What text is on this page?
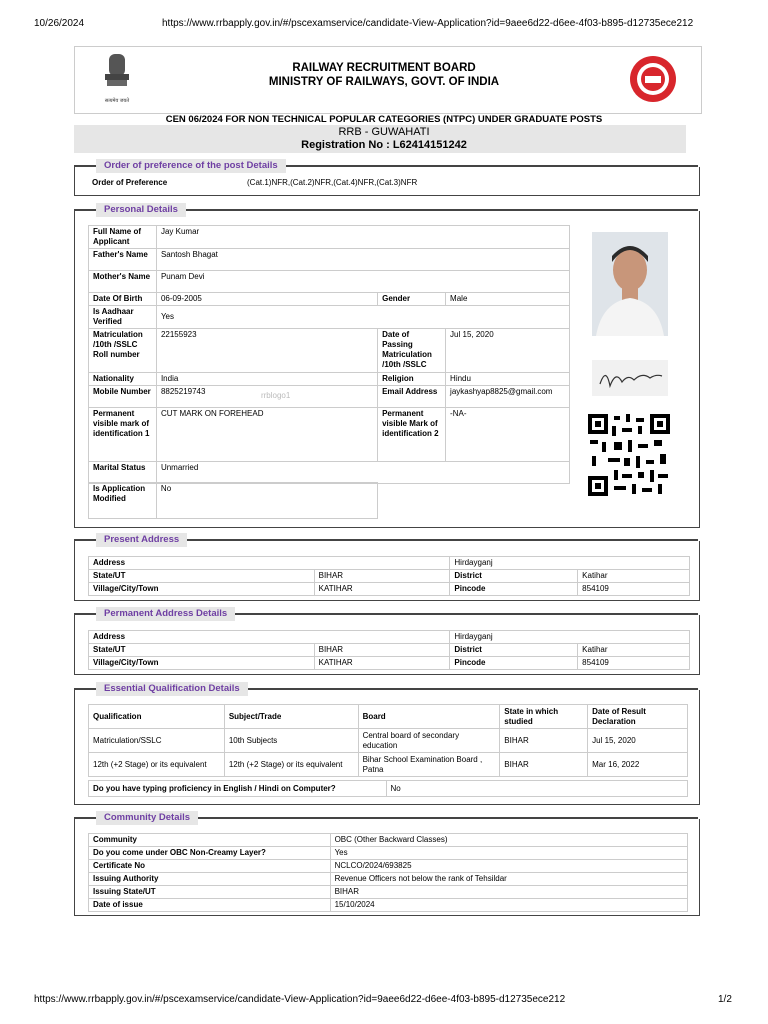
10/26/2024	https://www.rrbapply.gov.in/#/pscexamservice/candidate-View-Application?id=9aee6d22-d6ee-4f03-b895-d12735ece212
सत्यमेव जयते
RAILWAY RECRUITMENT BOARD
MINISTRY OF RAILWAYS, GOVT. OF INDIA
CEN 06/2024 FOR NON TECHNICAL POPULAR CATEGORIES (NTPC) UNDER GRADUATE POSTS
RRB - GUWAHATI
Registration No : L62414151242
Order of preference of the post Details
Order of Preference	(Cat.1)NFR,(Cat.2)NFR,(Cat.4)NFR,(Cat.3)NFR
Personal Details
Full Name of Applicant	Jay Kumar		
Father's Name	Santosh Bhagat		
Mother's Name	Punam Devi		
Date Of Birth	06-09-2005	Gender	Male
Is Aadhaar Verified	Yes		
Matriculation /10th /SSLC Roll number	22155923	Date of Passing Matriculation /10th /SSLC	Jul 15, 2020
Nationality	India	Religion	Hindu
Mobile Number	8825219743 rrblogo1	Email Address	jaykashyap8825@gmail.com
Permanent visible mark of identification 1	CUT MARK ON FOREHEAD	Permanent visible Mark of identification 2	-NA-
Marital Status	Unmarried		
Is Application Modified	No
Present Address
Address		Hirdayganj	
State/UT	BIHAR	District	Katihar
Village/City/Town	KATIHAR	Pincode	854109
Permanent Address Details
Address		Hirdayganj	
State/UT	BIHAR	District	Katihar
Village/City/Town	KATIHAR	Pincode	854109
Essential Qualification Details
Qualification	Subject/Trade	Board	State in which studied	Date of Result Declaration
Matriculation/SSLC	10th Subjects	Central board of secondary education	BIHAR	Jul 15, 2020
12th (+2 Stage) or its equivalent	12th (+2 Stage) or its equivalent	Bihar School Examination Board , Patna	BIHAR	Mar 16, 2022
Do you have typing proficiency in English / Hindi on Computer?	No
Community Details
Community	OBC (Other Backward Classes)
Do you come under OBC Non-Creamy Layer?	Yes
Certificate No	NCLCO/2024/693825
Issuing Authority	Revenue Officers not below the rank of Tehsildar
Issuing State/UT	BIHAR
Date of issue	15/10/2024
https://www.rrbapply.gov.in/#/pscexamservice/candidate-View-Application?id=9aee6d22-d6ee-4f03-b895-d12735ece212	1/2
